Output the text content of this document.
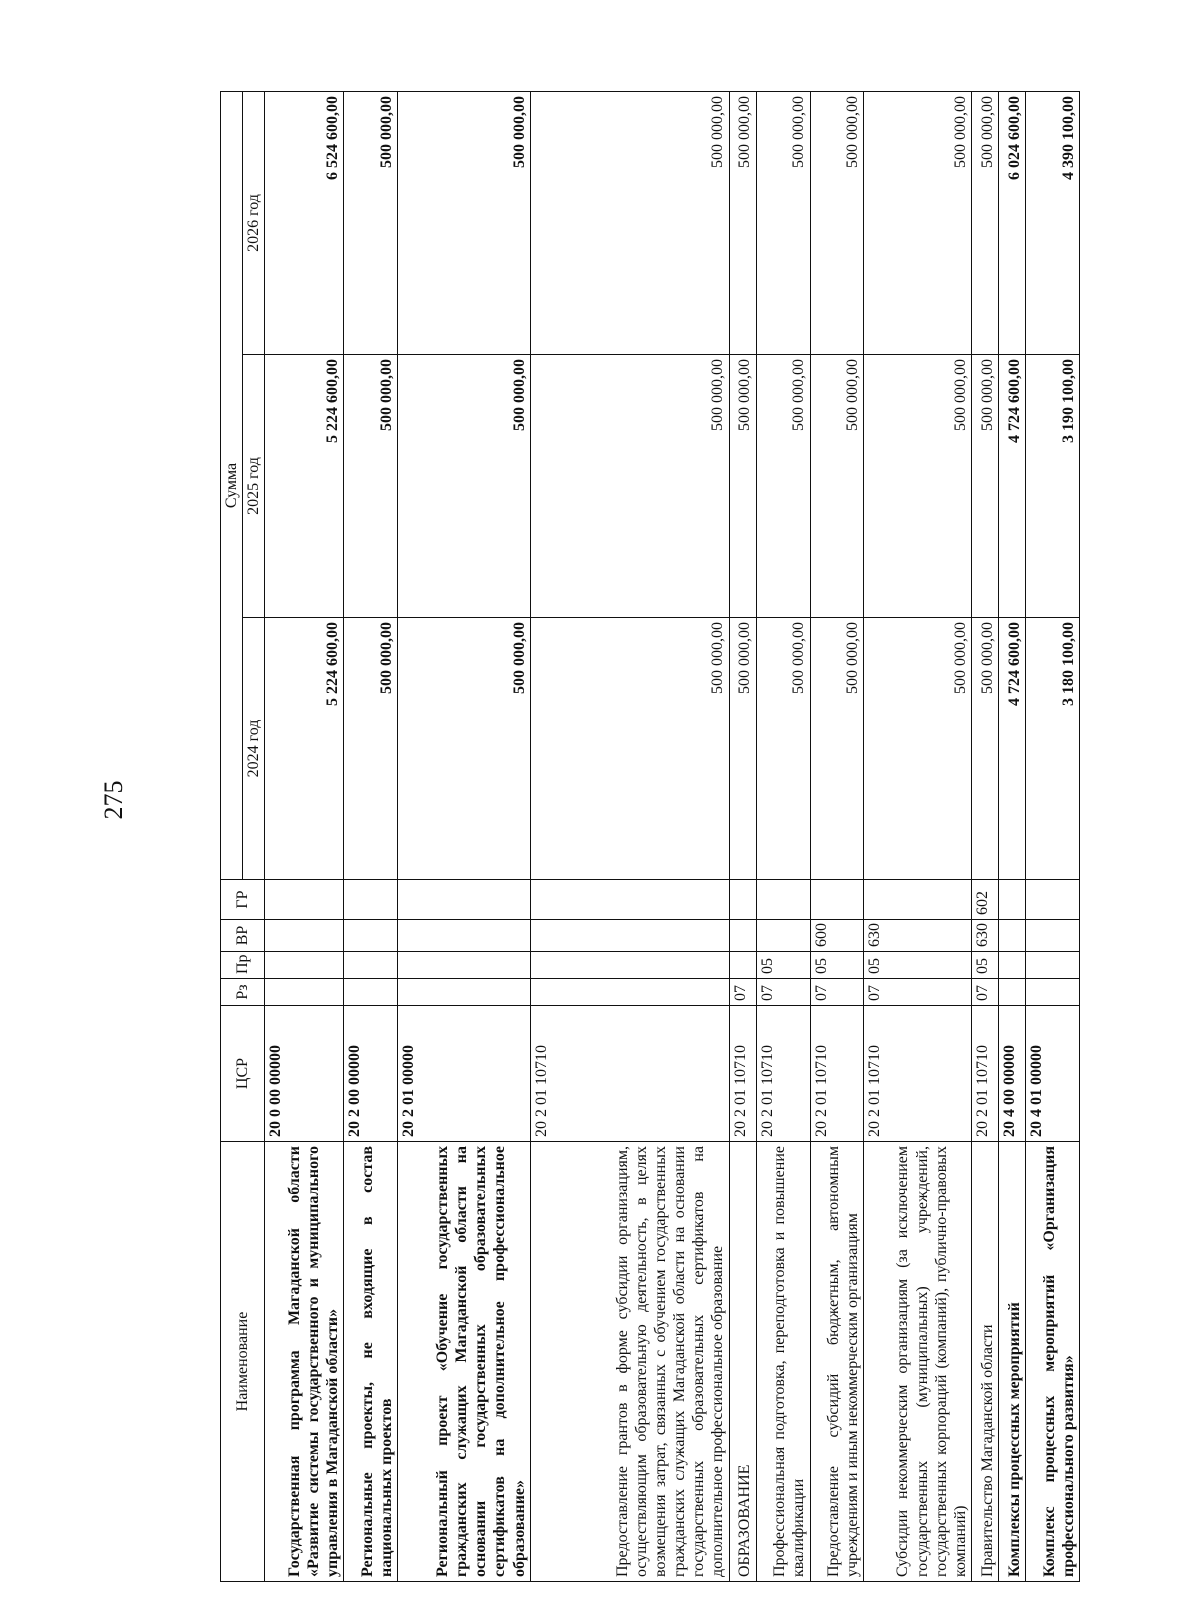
275
Наименование	ЦСР	Рз	Пр	ВР	ГР	Сумма		
						2024 год	2025 год	2026 год
Государственная программа Магаданской области «Развитие системы государственного и муниципального управления в Магаданской области»	20 0 00 00000					5 224 600,00	5 224 600,00	6 524 600,00
Региональные проекты, не входящие в состав национальных проектов	20 2 00 00000					500 000,00	500 000,00	500 000,00
Региональный проект «Обучение государственных гражданских служащих Магаданской области на основании государственных образовательных сертификатов на дополнительное профессиональное образование»	20 2 01 00000					500 000,00	500 000,00	500 000,00
Предоставление грантов в форме субсидии организациям, осуществляющим образовательную деятельность, в целях возмещения затрат, связанных с обучением государственных гражданских служащих Магаданской области на основании государственных образовательных сертификатов на дополнительное профессиональное образование	20 2 01 10710					500 000,00	500 000,00	500 000,00
ОБРАЗОВАНИЕ	20 2 01 10710	07				500 000,00	500 000,00	500 000,00
Профессиональная подготовка, переподготовка и повышение квалификации	20 2 01 10710	07	05			500 000,00	500 000,00	500 000,00
Предоставление субсидий бюджетным, автономным учреждениям и иным некоммерческим организациям	20 2 01 10710	07	05	600		500 000,00	500 000,00	500 000,00
Субсидии некоммерческим организациям (за исключением государственных (муниципальных) учреждений, государственных корпораций (компаний), публично-правовых компаний)	20 2 01 10710	07	05	630		500 000,00	500 000,00	500 000,00
Правительство Магаданской области	20 2 01 10710	07	05	630	602	500 000,00	500 000,00	500 000,00
Комплексы процессных мероприятий	20 4 00 00000					4 724 600,00	4 724 600,00	6 024 600,00
Комплекс процессных мероприятий «Организация профессионального развития»	20 4 01 00000					3 180 100,00	3 190 100,00	4 390 100,00
